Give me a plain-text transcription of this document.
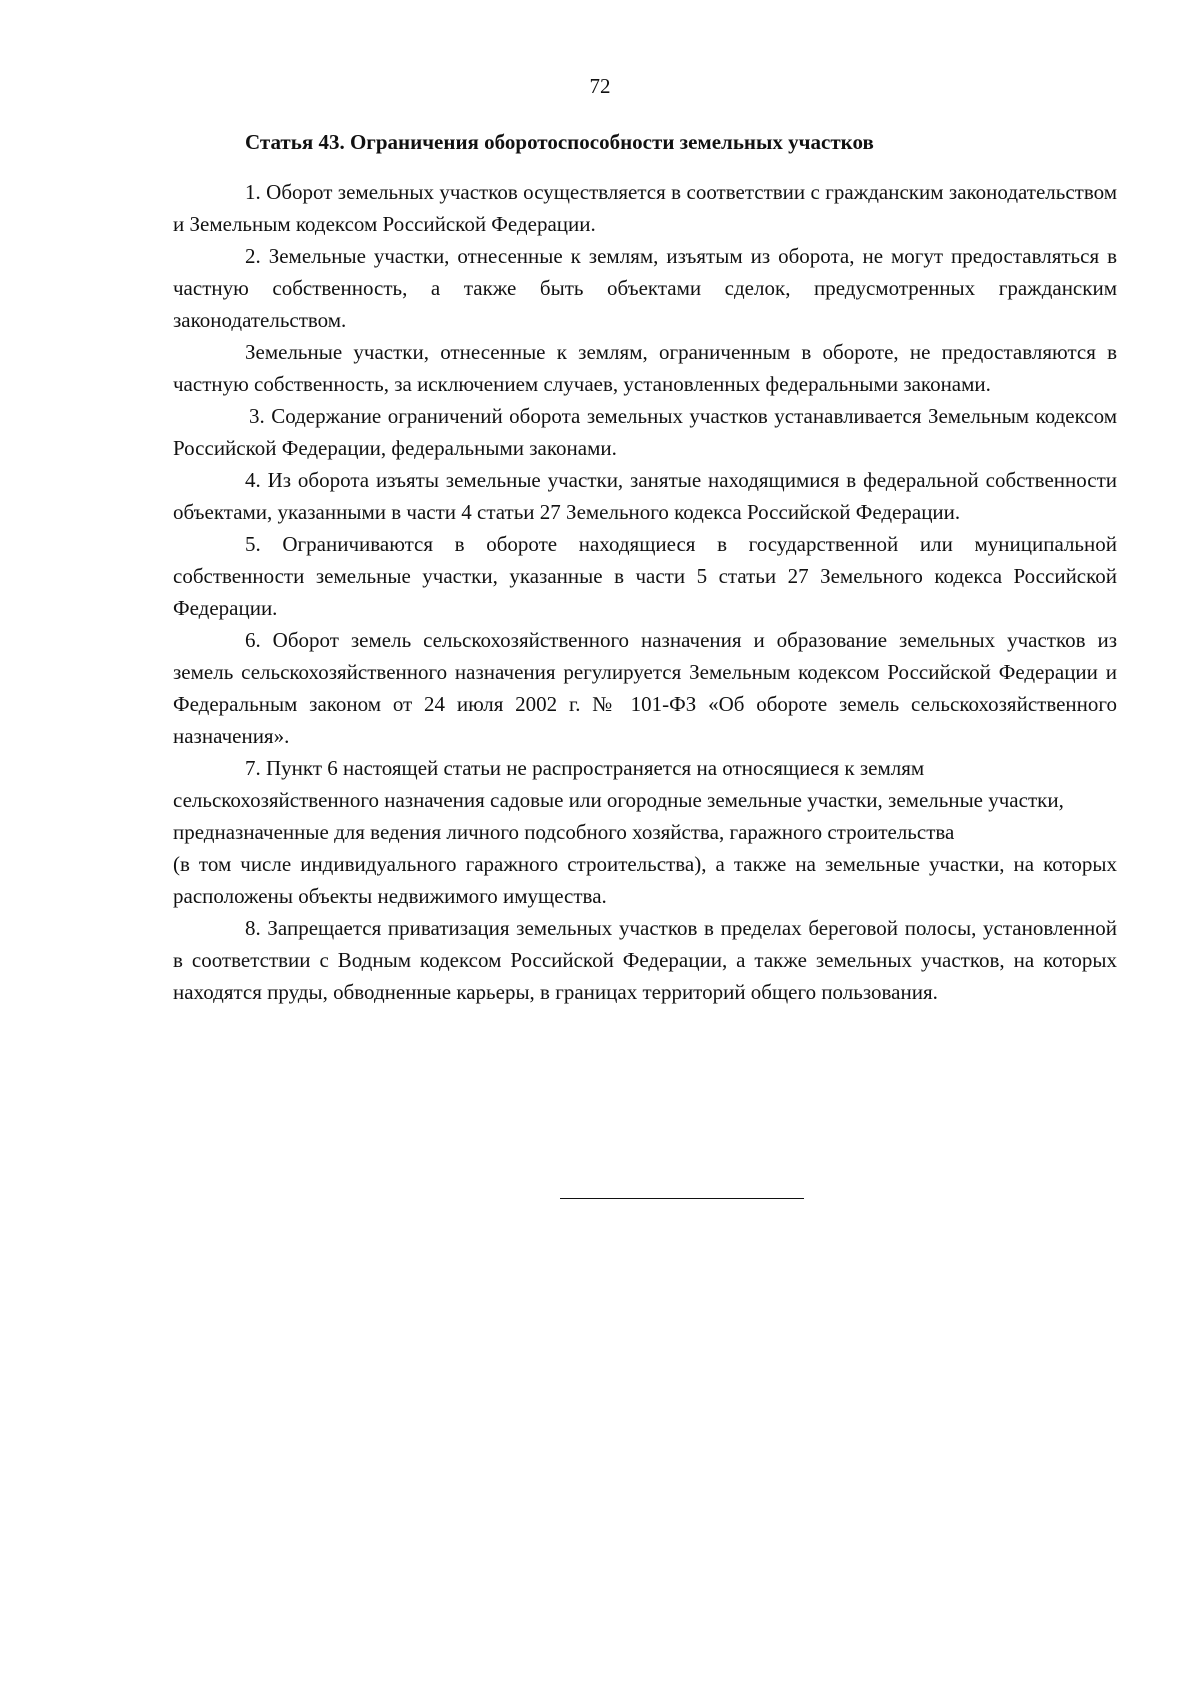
72
Статья 43. Ограничения оборотоспособности земельных участков

1. Оборот земельных участков осуществляется в соответствии с гражданским законодательством и Земельным кодексом Российской Федерации.

2. Земельные участки, отнесенные к землям, изъятым из оборота, не могут предоставляться в частную собственность, а также быть объектами сделок, предусмотренных гражданским законодательством.

Земельные участки, отнесенные к землям, ограниченным в обороте, не предоставляются в частную собственность, за исключением случаев, установленных федеральными законами.

3. Содержание ограничений оборота земельных участков устанавливается Земельным кодексом Российской Федерации, федеральными законами.

4. Из оборота изъяты земельные участки, занятые находящимися в федеральной собственности объектами, указанными в части 4 статьи 27 Земельного кодекса Российской Федерации.

5. Ограничиваются в обороте находящиеся в государственной или муниципальной собственности земельные участки, указанные в части 5 статьи 27 Земельного кодекса Российской Федерации.

6. Оборот земель сельскохозяйственного назначения и образование земельных участков из земель сельскохозяйственного назначения регулируется Земельным кодексом Российской Федерации и Федеральным законом от 24 июля 2002 г. № 101-ФЗ «Об обороте земель сельскохозяйственного назначения».

7. Пункт 6 настоящей статьи не распространяется на относящиеся к землям сельскохозяйственного назначения садовые или огородные земельные участки, земельные участки, предназначенные для ведения личного подсобного хозяйства, гаражного строительства

(в том числе индивидуального гаражного строительства), а также на земельные участки, на которых расположены объекты недвижимого имущества.

8. Запрещается приватизация земельных участков в пределах береговой полосы, установленной в соответствии с Водным кодексом Российской Федерации, а также земельных участков, на которых находятся пруды, обводненные карьеры, в границах территорий общего пользования.
